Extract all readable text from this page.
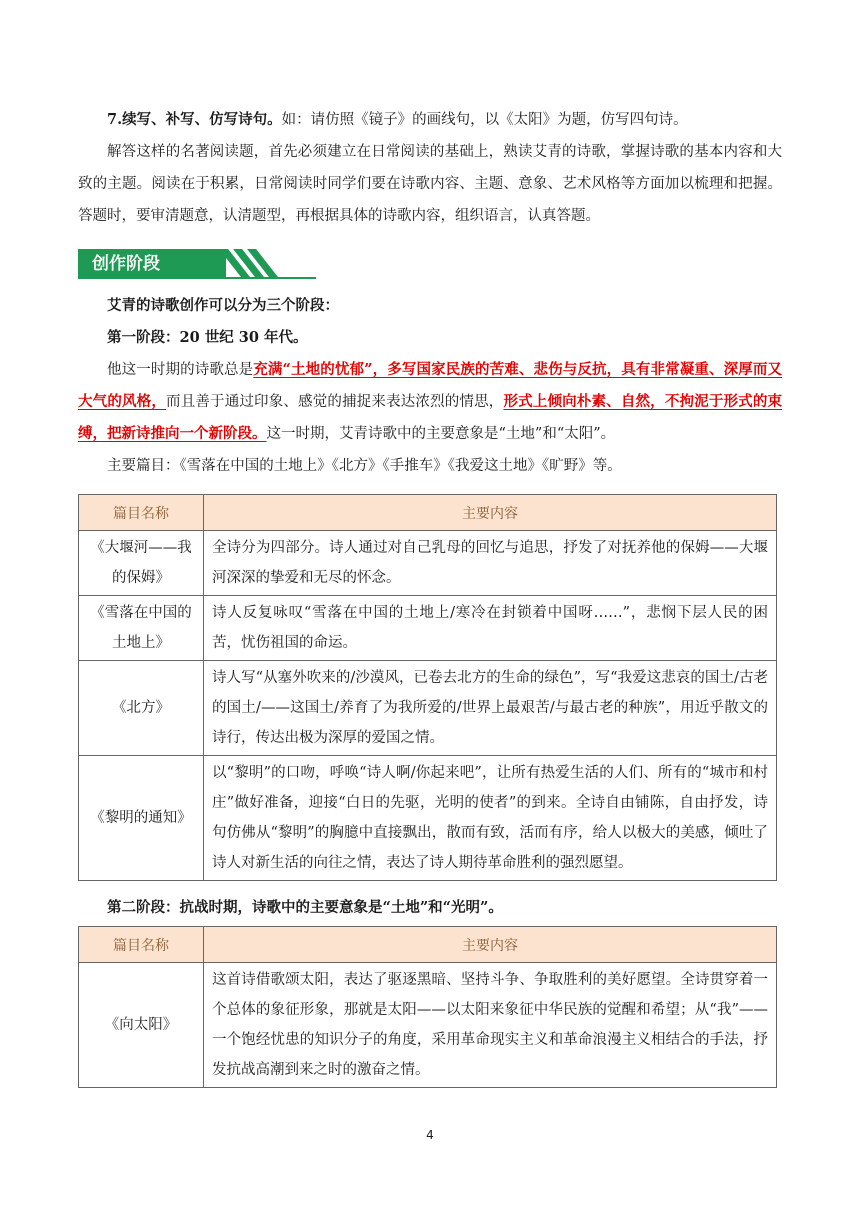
7.续写、补写、仿写诗句。如：请仿照《镜子》的画线句，以《太阳》为题，仿写四句诗。

解答这样的名著阅读题，首先必须建立在日常阅读的基础上，熟读艾青的诗歌，掌握诗歌的基本内容和大致的主题。阅读在于积累，日常阅读时同学们要在诗歌内容、主题、意象、艺术风格等方面加以梳理和把握。答题时，要审清题意，认清题型，再根据具体的诗歌内容，组织语言，认真答题。

创作阶段

艾青的诗歌创作可以分为三个阶段：

第一阶段：20 世纪 30 年代。

他这一时期的诗歌总是充满“土地的忧郁”，多写国家民族的苦难、悲伤与反抗，具有非常凝重、深厚而又大气的风格，而且善于通过印象、感觉的捕捉来表达浓烈的情思，形式上倾向朴素、自然，不拘泥于形式的束缚，把新诗推向一个新阶段。这一时期，艾青诗歌中的主要意象是“土地”和“太阳”。

主要篇目：《雪落在中国的土地上》《北方》《手推车》《我爱这土地》《旷野》等。

篇目名称	主要内容
《大堰河——我的保姆》	全诗分为四部分。诗人通过对自己乳母的回忆与追思，抒发了对抚养他的保姆——大堰河深深的挚爱和无尽的怀念。
《雪落在中国的土地上》	诗人反复咏叹“雪落在中国的土地上/寒冷在封锁着中国呀……”，悲悯下层人民的困苦，忧伤祖国的命运。
《北方》	诗人写“从塞外吹来的/沙漠风，已卷去北方的生命的绿色”，写“我爱这悲哀的国土/古老的国土/——这国土/养育了为我所爱的/世界上最艰苦/与最古老的种族”，用近乎散文的诗行，传达出极为深厚的爱国之情。
《黎明的通知》	以“黎明”的口吻，呼唤“诗人啊/你起来吧”，让所有热爱生活的人们、所有的“城市和村庄”做好准备，迎接“白日的先驱，光明的使者”的到来。全诗自由铺陈，自由抒发，诗句仿佛从“黎明”的胸臆中直接飘出，散而有致，活而有序，给人以极大的美感，倾吐了诗人对新生活的向往之情，表达了诗人期待革命胜利的强烈愿望。

第二阶段：抗战时期，诗歌中的主要意象是“土地”和“光明”。

篇目名称	主要内容
《向太阳》	这首诗借歌颂太阳，表达了驱逐黑暗、坚持斗争、争取胜利的美好愿望。全诗贯穿着一个总体的象征形象，那就是太阳——以太阳来象征中华民族的觉醒和希望；从“我”——一个饱经忧患的知识分子的角度，采用革命现实主义和革命浪漫主义相结合的手法，抒发抗战高潮到来之时的激奋之情。
4
